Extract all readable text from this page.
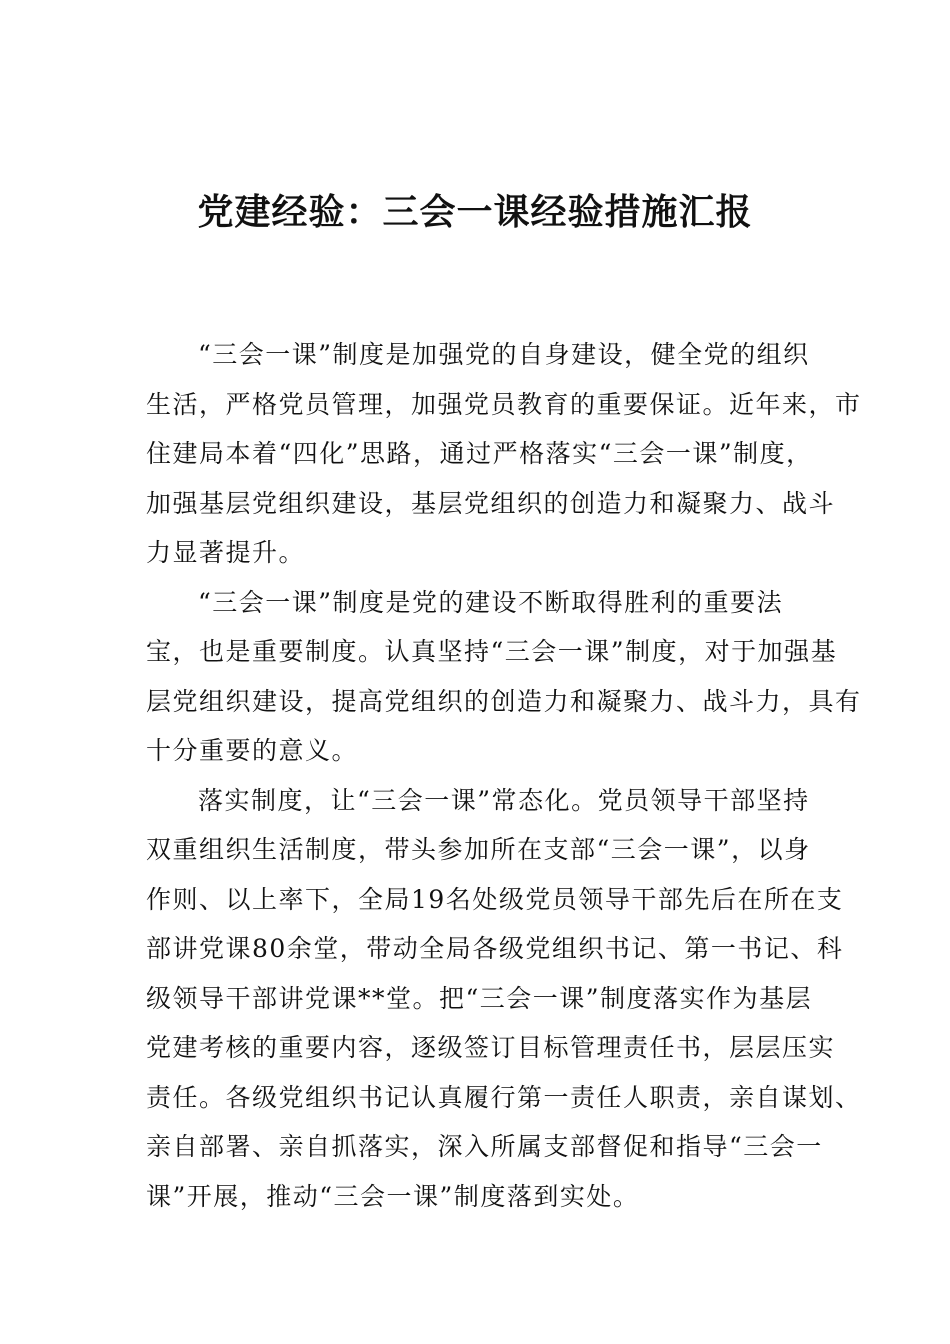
党建经验：三会一课经验措施汇报

“三会一课”制度是加强党的自身建设，健全党的组织
生活，严格党员管理，加强党员教育的重要保证。近年来，市
住建局本着“四化”思路，通过严格落实“三会一课”制度，
加强基层党组织建设，基层党组织的创造力和凝聚力、战斗
力显著提升。

“三会一课”制度是党的建设不断取得胜利的重要法
宝，也是重要制度。认真坚持“三会一课”制度，对于加强基
层党组织建设，提高党组织的创造力和凝聚力、战斗力，具有
十分重要的意义。

落实制度，让“三会一课”常态化。党员领导干部坚持
双重组织生活制度，带头参加所在支部“三会一课”，以身
作则、以上率下，全局19名处级党员领导干部先后在所在支
部讲党课80余堂，带动全局各级党组织书记、第一书记、科
级领导干部讲党课**堂。把“三会一课”制度落实作为基层
党建考核的重要内容，逐级签订目标管理责任书，层层压实
责任。各级党组织书记认真履行第一责任人职责，亲自谋划、
亲自部署、亲自抓落实，深入所属支部督促和指导“三会一
课”开展，推动“三会一课”制度落到实处。
